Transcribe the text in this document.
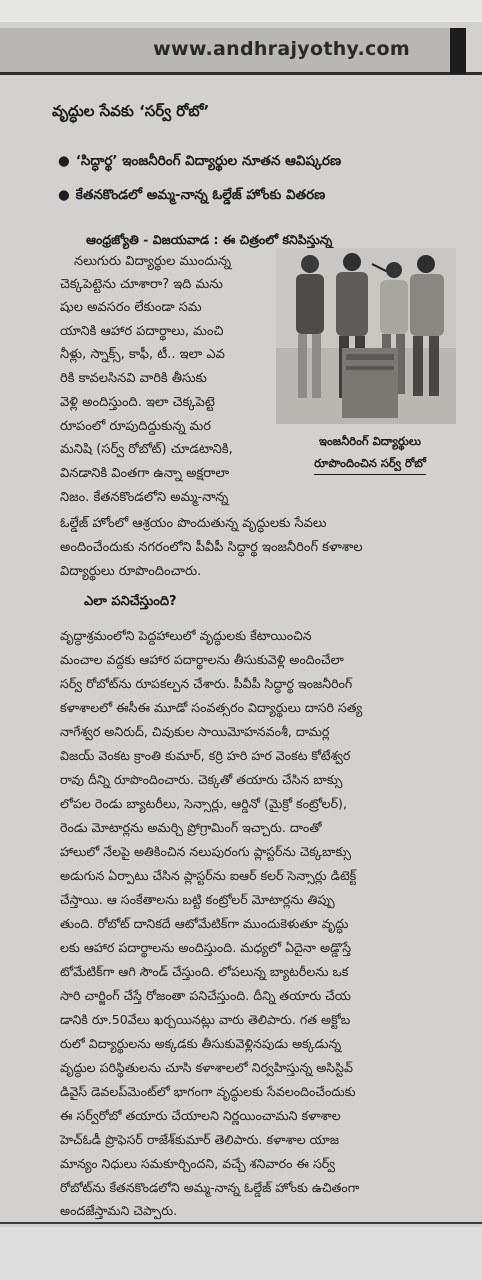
www.andhrajyothy.com
వృద్ధుల సేవకు ‘సర్వ్ రోబో’
● ‘సిద్ధార్థ’ ఇంజనీరింగ్ విద్యార్థుల నూతన ఆవిష్కరణ
● కేతనకొండలో అమ్మ-నాన్న ఓల్డేజ్ హోంకు వితరణ
ఆంధ్రజ్యోతి - విజయవాడ : ఈ చిత్రంలో కనిపిస్తున్న
ఇంజనీరింగ్ విద్యార్థులు
రూపొందించిన సర్వ్ రోబో
నలుగురు విద్యార్థుల ముందున్న
చెక్కపెట్టెను చూశారా? ఇది మను
షుల అవసరం లేకుండా సమ
యానికి ఆహార పదార్థాలు, మంచి
నీళ్లు, స్నాక్స్, కాఫీ, టీ.. ఇలా ఎవ
రికి కావలసినవి వారికి తీసుకు
వెళ్లి అందిస్తుంది. ఇలా చెక్కపెట్టె
రూపంలో రూపుదిద్దుకున్న మర
మనిషి (సర్వ్ రోబోట్) చూడటానికి,
వినడానికి వింతగా ఉన్నా అక్షరాలా
నిజం. కేతనకొండలోని అమ్మ-నాన్న
ఓల్డేజ్ హోంలో ఆశ్రయం పొందుతున్న వృద్ధులకు సేవలు
అందించేందుకు నగరంలోని పీవీపీ సిద్ధార్థ ఇంజనీరింగ్ కళాశాల
విద్యార్థులు రూపొందించారు.
ఎలా పనిచేస్తుంది?
వృద్ధాశ్రమంలోని పెద్దహాలులో వృద్ధులకు కేటాయించిన
మంచాల వద్దకు ఆహార పదార్థాలను తీసుకువెళ్లి అందించేలా
సర్వ్ రోబోట్‌ను రూపకల్పన చేశారు. పీవీపీ సిద్ధార్థ ఇంజనీరింగ్
కళాశాలలో ఈసీఈ మూడో సంవత్సరం విద్యార్థులు దాసరి సత్య
నాగేశ్వర అనిరుద్, చివుకుల సాయిమోహనవంశీ, దామర్ల
విజయ్ వెంకట క్రాంతి కుమార్, కర్రి హరి హర వెంకట కోటేశ్వర
రావు దీన్ని రూపొందించారు. చెక్కతో తయారు చేసిన బాక్సు
లోపల రెండు బ్యాటరీలు, సెన్సార్లు, ఆర్డినో (మైక్రో కంట్రోలర్),
రెండు మోటార్లను అమర్చి ప్రోగ్రామింగ్ ఇచ్చారు. దాంతో
హాలులో నేలపై అతికించిన నలుపురంగు ప్లాస్టర్‌ను చెక్కబాక్సు
అడుగున ఏర్పాటు చేసిన ప్లాస్టర్‌ను ఐఆర్ కలర్ సెన్సార్లు డిటెక్ట్
చేస్తాయి. ఆ సంకేతాలను బట్టి కంట్రోలర్ మోటార్లను తిప్పు
తుంది. రోబోట్ దానికదే ఆటోమేటిక్‌గా ముందుకెళుతూ వృద్ధు
లకు ఆహార పదార్థాలను అందిస్తుంది. మధ్యలో ఏదైనా అడ్డొస్తే
టోమేటిక్‌గా ఆగి సౌండ్ చేస్తుంది. లోపలున్న బ్యాటరీలను ఒక
సారి చార్జింగ్ చేస్తే రోజంతా పనిచేస్తుంది. దీన్ని తయారు చేయ
డానికి రూ.50వేలు ఖర్చయినట్లు వారు తెలిపారు. గత అక్టోబ
రులో విద్యార్థులను అక్కడకు తీసుకువెళ్లినపుడు అక్కడున్న
వృద్ధుల పరిస్థితులను చూసి కళాశాలలో నిర్వహిస్తున్న అసిస్టివ్
డివైస్ డెవలప్‌మెంట్‌లో భాగంగా వృద్ధులకు సేవలందించేందుకు
ఈ సర్వ్‌రోబో తయారు చేయాలని నిర్ణయించామని కళాశాల
హెచ్‌ఓడీ ప్రొఫెసర్ రాజేశ్‌కుమార్ తెలిపారు. కళాశాల యాజ
మాన్యం నిధులు సమకూర్చిందని, వచ్చే శనివారం ఈ సర్వ్
రోబోట్‌ను కేతనకొండలోని అమ్మ-నాన్న ఓల్డేజ్ హోంకు ఉచితంగా
అందజేస్తామని చెప్పారు.
